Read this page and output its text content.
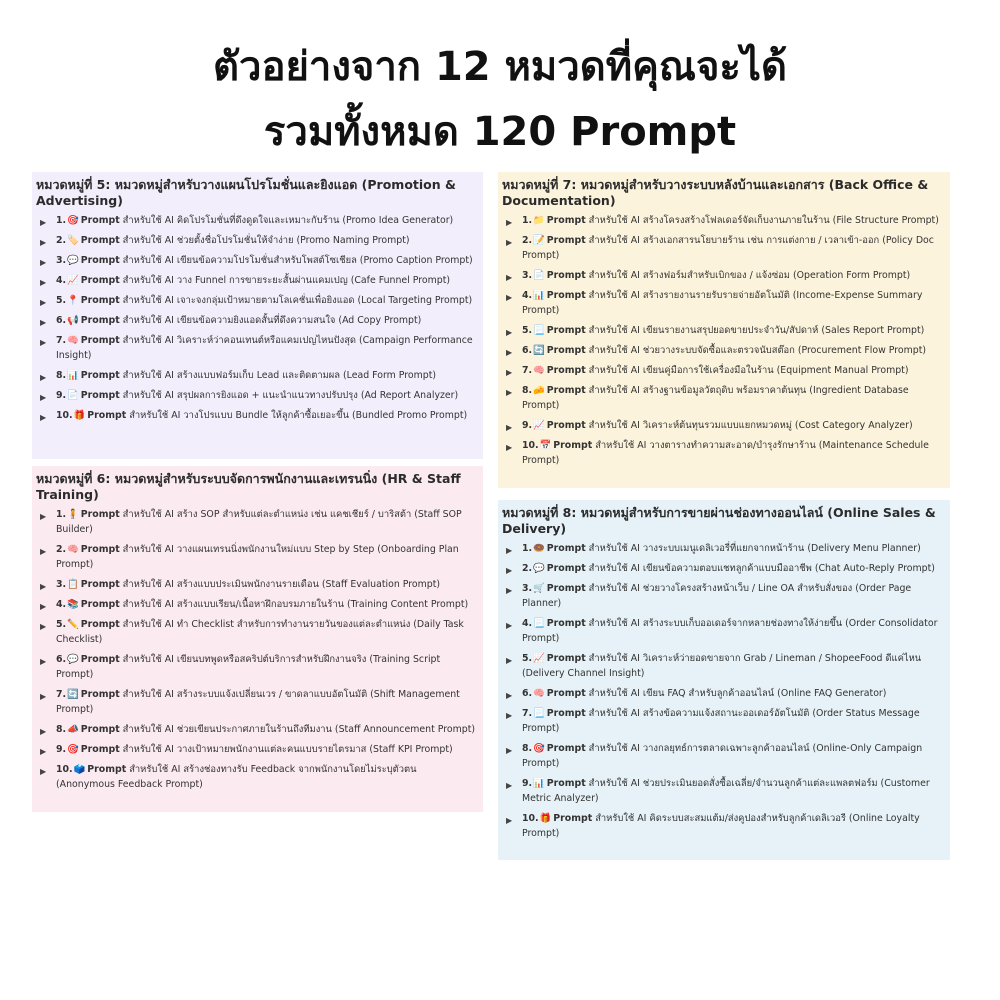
ตัวอย่างจาก 12 หมวดที่คุณจะได้
รวมทั้งหมด 120 Prompt
หมวดหมู่ที่ 5: หมวดหมู่สำหรับวางแผนโปรโมชั่นและยิงแอด (Promotion & Advertising)
▶ 1.🎯 Prompt สำหรับใช้ AI คิดโปรโมชั่นที่ดึงดูดใจและเหมาะกับร้าน (Promo Idea Generator)
▶ 2.🏷️ Prompt สำหรับใช้ AI ช่วยตั้งชื่อโปรโมชั่นให้จำง่าย (Promo Naming Prompt)
▶ 3.💬 Prompt สำหรับใช้ AI เขียนข้อความโปรโมชั่นสำหรับโพสต์โซเชียล (Promo Caption Prompt)
▶ 4.📈 Prompt สำหรับใช้ AI วาง Funnel การขายระยะสั้นผ่านแคมเปญ (Cafe Funnel Prompt)
▶ 5.📍 Prompt สำหรับใช้ AI เจาะจงกลุ่มเป้าหมายตามโลเคชั่นเพื่อยิงแอด (Local Targeting Prompt)
▶ 6.📢 Prompt สำหรับใช้ AI เขียนข้อความยิงแอดสั้นที่ดึงความสนใจ (Ad Copy Prompt)
▶ 7.🧠 Prompt สำหรับใช้ AI วิเคราะห์ว่าคอนเทนต์หรือแคมเปญไหนปังสุด (Campaign Performance Insight)
▶ 8.📊 Prompt สำหรับใช้ AI สร้างแบบฟอร์มเก็บ Lead และติดตามผล (Lead Form Prompt)
▶ 9.📄 Prompt สำหรับใช้ AI สรุปผลการยิงแอด + แนะนำแนวทางปรับปรุง (Ad Report Analyzer)
▶ 10.🎁 Prompt สำหรับใช้ AI วางโปรแบบ Bundle ให้ลูกค้าซื้อเยอะขึ้น (Bundled Promo Prompt)
หมวดหมู่ที่ 6: หมวดหมู่สำหรับระบบจัดการพนักงานและเทรนนิ่ง (HR & Staff Training)
▶ 1.🧍 Prompt สำหรับใช้ AI สร้าง SOP สำหรับแต่ละตำแหน่ง เช่น แคชเชียร์ / บาริสต้า (Staff SOP Builder)
▶ 2.🧠 Prompt สำหรับใช้ AI วางแผนเทรนนิ่งพนักงานใหม่แบบ Step by Step (Onboarding Plan Prompt)
▶ 3.📋 Prompt สำหรับใช้ AI สร้างแบบประเมินพนักงานรายเดือน (Staff Evaluation Prompt)
▶ 4.📚 Prompt สำหรับใช้ AI สร้างแบบเรียน/เนื้อหาฝึกอบรมภายในร้าน (Training Content Prompt)
▶ 5.✏️ Prompt สำหรับใช้ AI ทำ Checklist สำหรับการทำงานรายวันของแต่ละตำแหน่ง (Daily Task Checklist)
▶ 6.💬 Prompt สำหรับใช้ AI เขียนบทพูดหรือสคริปต์บริการสำหรับฝึกงานจริง (Training Script Prompt)
▶ 7.🔄 Prompt สำหรับใช้ AI สร้างระบบแจ้งเปลี่ยนเวร / ขาดลาแบบอัตโนมัติ (Shift Management Prompt)
▶ 8.📣 Prompt สำหรับใช้ AI ช่วยเขียนประกาศภายในร้านถึงทีมงาน (Staff Announcement Prompt)
▶ 9.🎯 Prompt สำหรับใช้ AI วางเป้าหมายพนักงานแต่ละคนแบบรายไตรมาส (Staff KPI Prompt)
▶ 10.🗳️ Prompt สำหรับใช้ AI สร้างช่องทางรับ Feedback จากพนักงานโดยไม่ระบุตัวตน (Anonymous Feedback Prompt)
หมวดหมู่ที่ 7: หมวดหมู่สำหรับวางระบบหลังบ้านและเอกสาร (Back Office & Documentation)
▶ 1.📁 Prompt สำหรับใช้ AI สร้างโครงสร้างโฟลเดอร์จัดเก็บงานภายในร้าน (File Structure Prompt)
▶ 2.📝 Prompt สำหรับใช้ AI สร้างเอกสารนโยบายร้าน เช่น การแต่งกาย / เวลาเข้า-ออก (Policy Doc Prompt)
▶ 3.📄 Prompt สำหรับใช้ AI สร้างฟอร์มสำหรับเบิกของ / แจ้งซ่อม (Operation Form Prompt)
▶ 4.📊 Prompt สำหรับใช้ AI สร้างรายงานรายรับรายจ่ายอัตโนมัติ (Income-Expense Summary Prompt)
▶ 5.📃 Prompt สำหรับใช้ AI เขียนรายงานสรุปยอดขายประจำวัน/สัปดาห์ (Sales Report Prompt)
▶ 6.🔄 Prompt สำหรับใช้ AI ช่วยวางระบบจัดซื้อและตรวจนับสต๊อก (Procurement Flow Prompt)
▶ 7.🧠 Prompt สำหรับใช้ AI เขียนคู่มือการใช้เครื่องมือในร้าน (Equipment Manual Prompt)
▶ 8.🧀 Prompt สำหรับใช้ AI สร้างฐานข้อมูลวัตถุดิบ พร้อมราคาต้นทุน (Ingredient Database Prompt)
▶ 9.📈 Prompt สำหรับใช้ AI วิเคราะห์ต้นทุนรวมแบบแยกหมวดหมู่ (Cost Category Analyzer)
▶ 10.📅 Prompt สำหรับใช้ AI วางตารางทำความสะอาด/บำรุงรักษาร้าน (Maintenance Schedule Prompt)
หมวดหมู่ที่ 8: หมวดหมู่สำหรับการขายผ่านช่องทางออนไลน์ (Online Sales & Delivery)
▶ 1.🍩 Prompt สำหรับใช้ AI วางระบบเมนูเดลิเวอรี่ที่แยกจากหน้าร้าน (Delivery Menu Planner)
▶ 2.💬 Prompt สำหรับใช้ AI เขียนข้อความตอบแชทลูกค้าแบบมืออาชีพ (Chat Auto-Reply Prompt)
▶ 3.🛒 Prompt สำหรับใช้ AI ช่วยวางโครงสร้างหน้าเว็บ / Line OA สำหรับสั่งของ (Order Page Planner)
▶ 4.📃 Prompt สำหรับใช้ AI สร้างระบบเก็บออเดอร์จากหลายช่องทางให้ง่ายขึ้น (Order Consolidator Prompt)
▶ 5.📈 Prompt สำหรับใช้ AI วิเคราะห์ว่ายอดขายจาก Grab / Lineman / ShopeeFood ดีแค่ไหน (Delivery Channel Insight)
▶ 6.🧠 Prompt สำหรับใช้ AI เขียน FAQ สำหรับลูกค้าออนไลน์ (Online FAQ Generator)
▶ 7.📃 Prompt สำหรับใช้ AI สร้างข้อความแจ้งสถานะออเดอร์อัตโนมัติ (Order Status Message Prompt)
▶ 8.🎯 Prompt สำหรับใช้ AI วางกลยุทธ์การตลาดเฉพาะลูกค้าออนไลน์ (Online-Only Campaign Prompt)
▶ 9.📊 Prompt สำหรับใช้ AI ช่วยประเมินยอดสั่งซื้อเฉลี่ย/จำนวนลูกค้าแต่ละแพลตฟอร์ม (Customer Metric Analyzer)
▶ 10.🎁 Prompt สำหรับใช้ AI คิดระบบสะสมแต้ม/ส่งคูปองสำหรับลูกค้าเดลิเวอรี (Online Loyalty Prompt)
